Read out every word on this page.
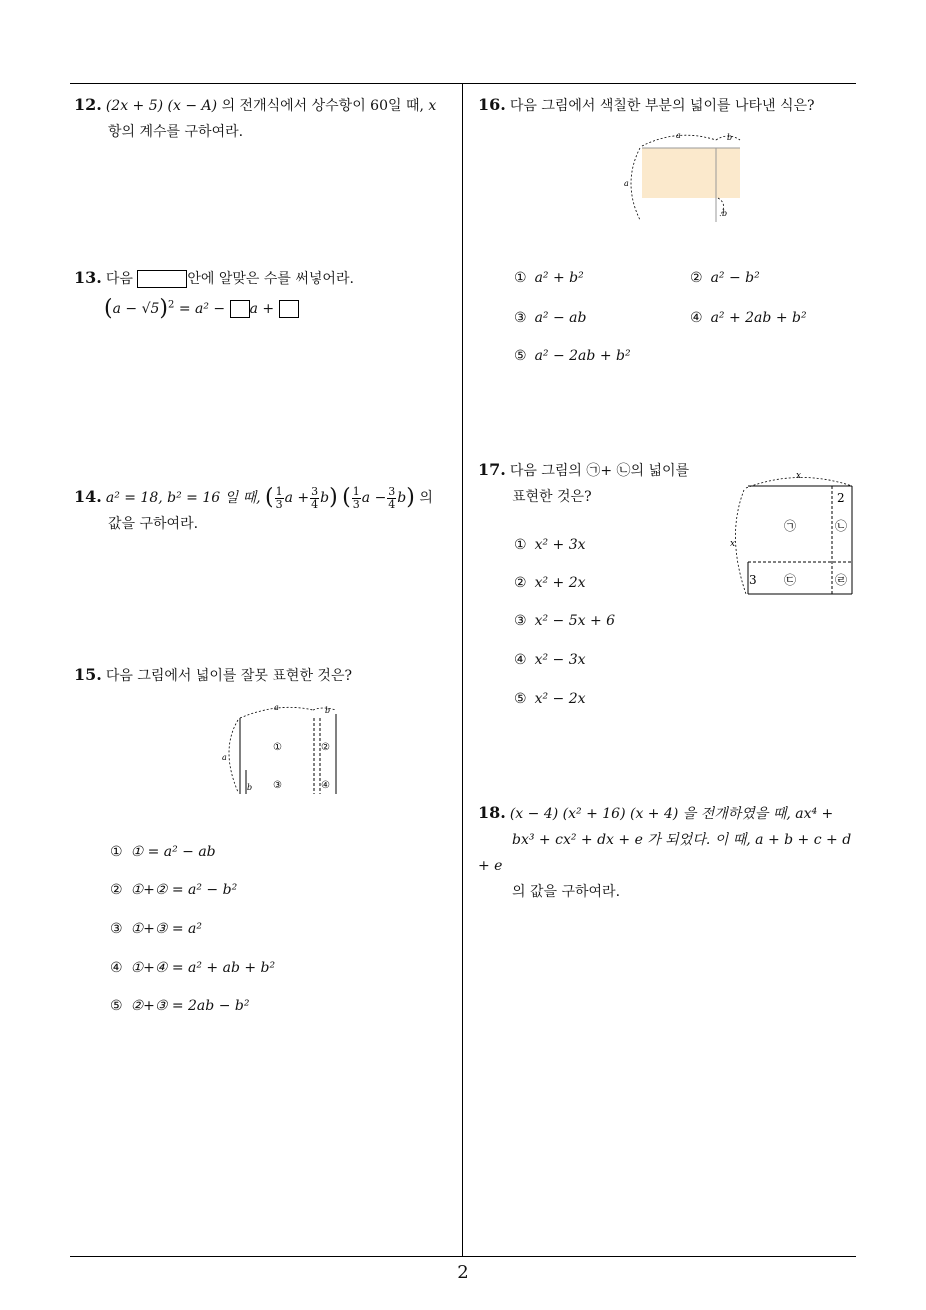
12. (2x + 5) (x − A) 의 전개식에서 상수항이 60일 때, x
항의 계수를 구하여라.
13. 다음	안에 알맞은 수를 써넣어라.
$(a - √5)^2 = a^2 - a$ +
14. a² = 18, b² = 16 일 때, ( $\frac{1}{3}$ $a + \frac{3}{4} b$) ( $\frac{1}{3}$ $a - \frac{3}{4} b$) 의
값을 구하여라.
15. 다음 그림에서 넓이를 잘못 표현한 것은?
a	b
a
b
①	②
③	④
① ① = a² − ab
② ①+② = a² − b²
③ ①+③ = a²
④ ①+④ = a² + ab + b²
⑤ ②+③ = 2ab − b²
16. 다음 그림에서 색칠한 부분의 넓이를 나타낸 식은?
a	b
a
b
① a² + b²	② a² − b²
③ a² − ab	④ a² + 2ab + b²
⑤ a² − 2ab + b²
17. 다음 그림의 ㉠+ ㉡의 넓이를
표현한 것은?
x
x
2
3
㉠	㉡
㉢	㉣
① x² + 3x
② x² + 2x
③ x² − 5x + 6
④ x² − 3x
⑤ x² − 2x
18. (x − 4) (x² + 16) (x + 4) 을 전개하였을 때, ax⁴ +
bx³ + cx² + dx + e 가 되었다. 이 때, a + b + c + d + e
의 값을 구하여라.
2
